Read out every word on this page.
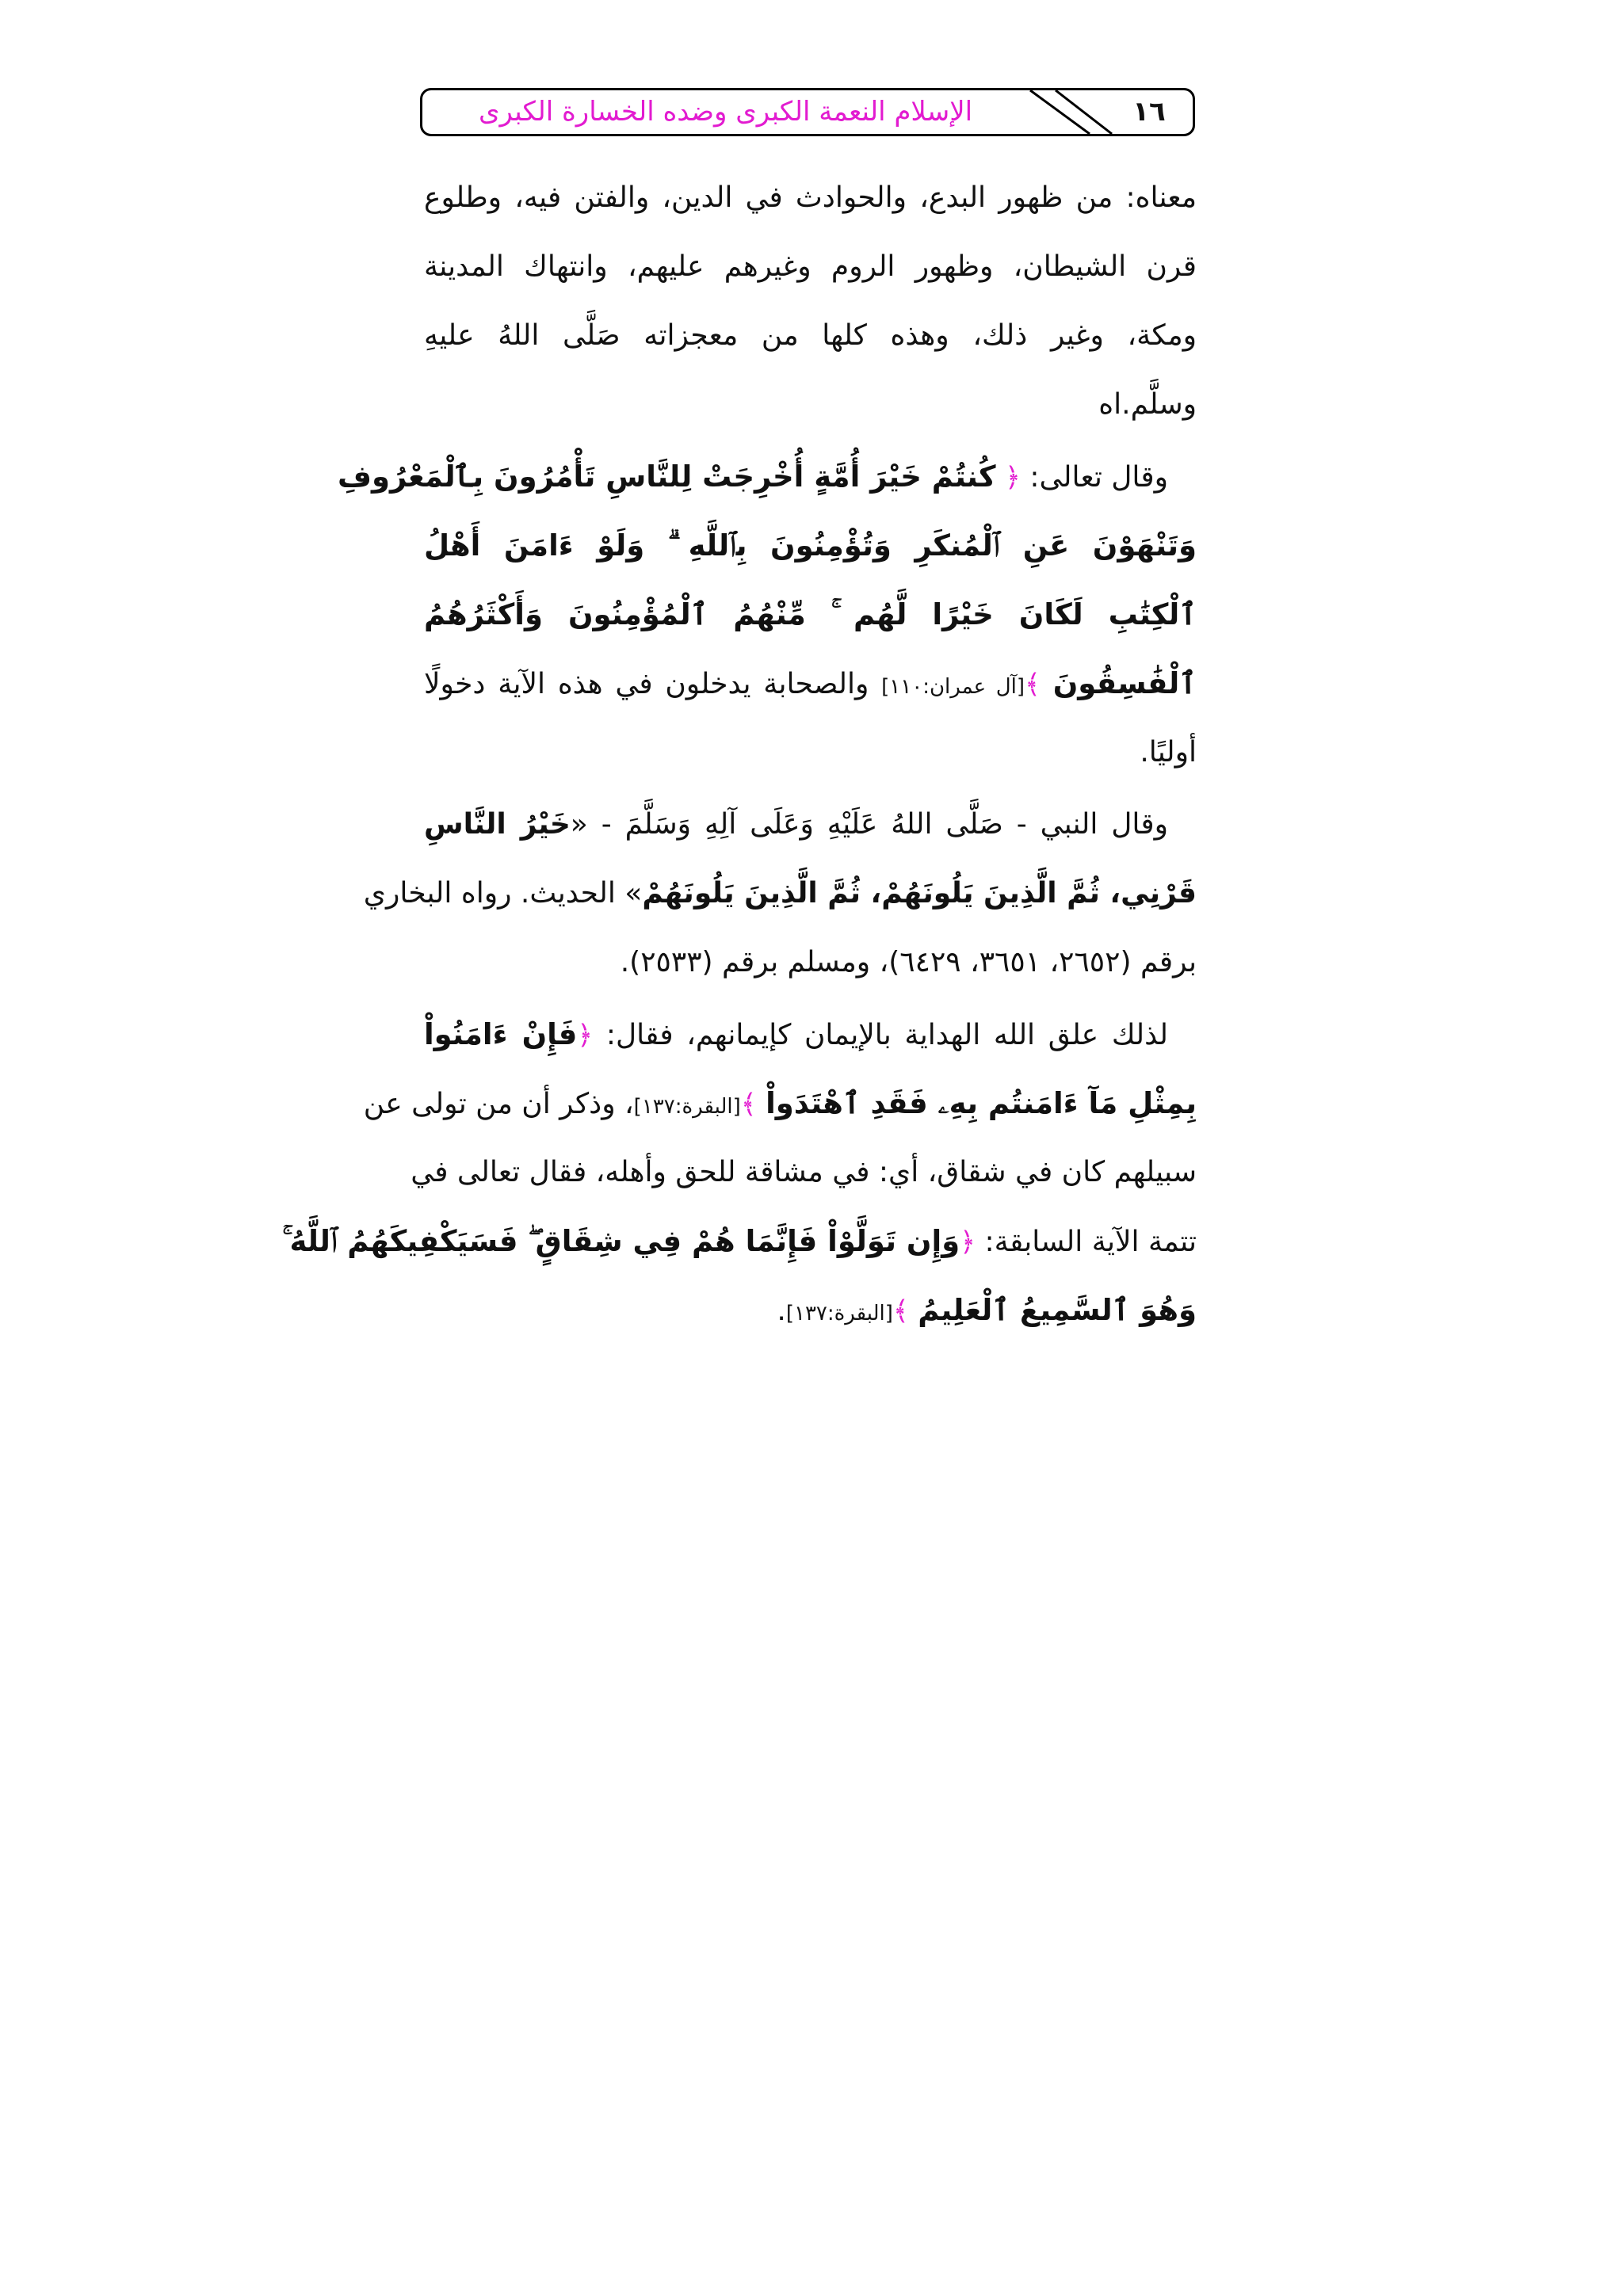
الإسلام النعمة الكبرى وضده الخسارة الكبرى	١٦
معناه: من ظهور البدع، والحوادث في الدين، والفتن فيه، وطلوع
قرن الشيطان، وظهور الروم وغيرهم عليهم، وانتهاك المدينة
ومكة، وغير ذلك، وهذه كلها من معجزاته صَلَّى اللهُ عليهِ
وسلَّم.اه
وقال تعالى: ﴿ كُنتُمْ خَيْرَ أُمَّةٍ أُخْرِجَتْ لِلنَّاسِ تَأْمُرُونَ بِٱلْمَعْرُوفِ
وَتَنْهَوْنَ عَنِ ٱلْمُنكَرِ وَتُؤْمِنُونَ بِٱللَّهِ ۗ وَلَوْ ءَامَنَ أَهْلُ
ٱلْكِتَٰبِ لَكَانَ خَيْرًا لَّهُم ۚ مِّنْهُمُ ٱلْمُؤْمِنُونَ وَأَكْثَرُهُمُ
ٱلْفَٰسِقُونَ ﴾[آل عمران:١١٠] والصحابة يدخلون في هذه الآية دخولًا
أوليًا.
وقال النبي - صَلَّى اللهُ عَلَيْهِ وَعَلَى آلِهِ وَسَلَّمَ - «خَيْرُ النَّاسِ
قَرْنِي، ثُمَّ الَّذِينَ يَلُونَهُمْ، ثُمَّ الَّذِينَ يَلُونَهُمْ» الحديث. رواه البخاري
برقم (٢٦٥٢، ٣٦٥١، ٦٤٢٩)، ومسلم برقم (٢٥٣٣).
لذلك علق الله الهداية بالإيمان كإيمانهم، فقال: ﴿فَإِنْ ءَامَنُواْ
بِمِثْلِ مَآ ءَامَنتُم بِهِۦ فَقَدِ ٱهْتَدَواْ ﴾[البقرة:١٣٧]، وذكر أن من تولى عن
سبيلهم كان في شقاق، أي: في مشاقة للحق وأهله، فقال تعالى في
تتمة الآية السابقة: ﴿وَإِن تَوَلَّوْاْ فَإِنَّمَا هُمْ فِي شِقَاقٍ ۖ فَسَيَكْفِيكَهُمُ ٱللَّهُ ۚ
وَهُوَ ٱلسَّمِيعُ ٱلْعَلِيمُ ﴾[البقرة:١٣٧].
